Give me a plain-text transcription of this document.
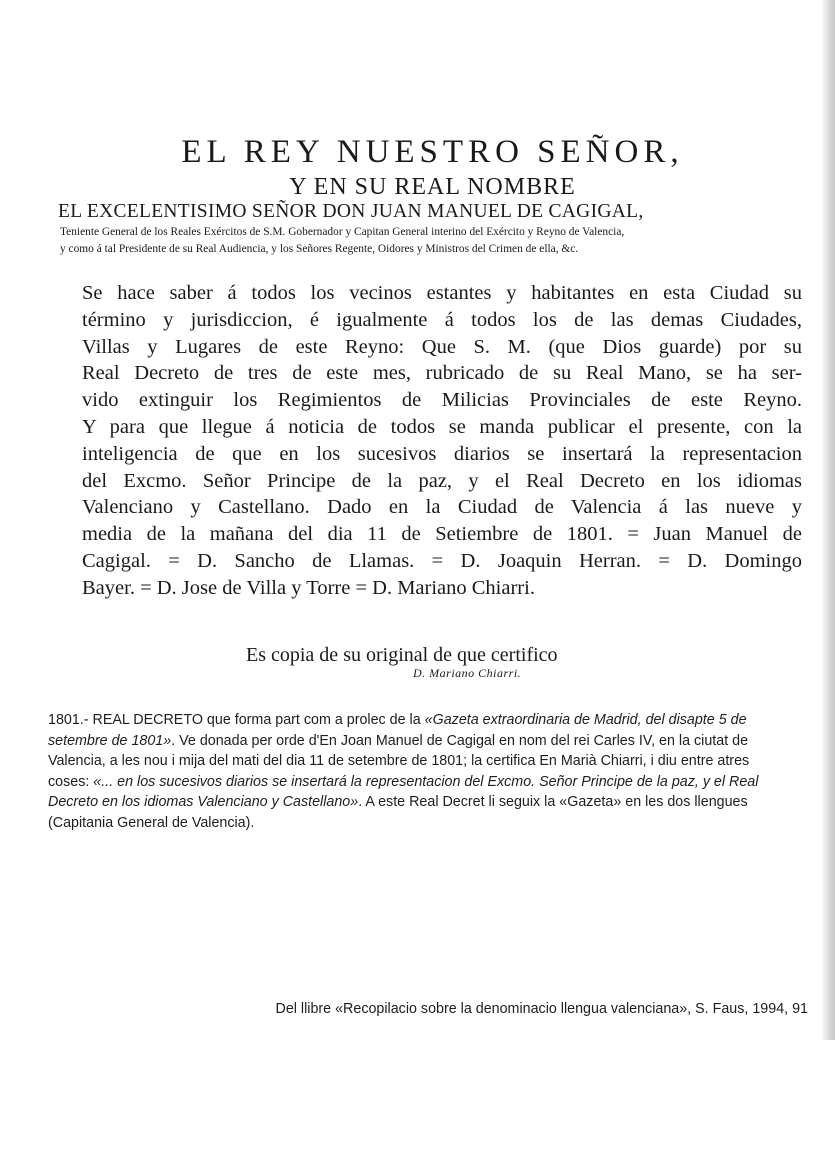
EL REY NUESTRO SEÑOR,

Y EN SU REAL NOMBRE

EL EXCELENTISIMO SEÑOR DON JUAN MANUEL DE CAGIGAL,

Teniente General de los Reales Exércitos de S.M. Gobernador y Capitan General interino del Exército y Reyno de Valencia,

y como á tal Presidente de su Real Audiencia, y los Señores Regente, Oidores y Ministros del Crimen de ella, &c.

Se hace saber á todos los vecinos estantes y habitantes en esta Ciudad su
término y jurisdiccion, é igualmente á todos los de las demas Ciudades,
Villas y Lugares de este Reyno: Que S. M. (que Dios guarde) por su
Real Decreto de tres de este mes, rubricado de su Real Mano, se ha ser-
vido extinguir los Regimientos de Milicias Provinciales de este Reyno.
Y para que llegue á noticia de todos se manda publicar el presente, con la
inteligencia de que en los sucesivos diarios se insertará la representacion
del Excmo. Señor Principe de la paz, y el Real Decreto en los idiomas
Valenciano y Castellano. Dado en la Ciudad de Valencia á las nueve y
media de la mañana del dia 11 de Setiembre de 1801. = Juan Manuel de
Cagigal. = D. Sancho de Llamas. = D. Joaquin Herran. = D. Domingo
Bayer. = D. Jose de Villa y Torre = D. Mariano Chiarri.

Es copia de su original de que certifico

D. Mariano Chiarri.

1801.- REAL DECRETO que forma part com a prolec de la «Gazeta extraordinaria de Madrid, del disapte 5 de
setembre de 1801». Ve donada per orde d'En Joan Manuel de Cagigal en nom del rei Carles IV, en la ciutat de
Valencia, a les nou i mija del mati del dia 11 de setembre de 1801; la certifica En Marià Chiarri, i diu entre atres
coses: «... en los sucesivos diarios se insertará la representacion del Excmo. Señor Principe de la paz, y el Real
Decreto en los idiomas Valenciano y Castellano». A este Real Decret li seguix la «Gazeta» en les dos llengues
(Capitania General de Valencia).

Del llibre «Recopilacio sobre la denominacio llengua valenciana», S. Faus, 1994, 91
